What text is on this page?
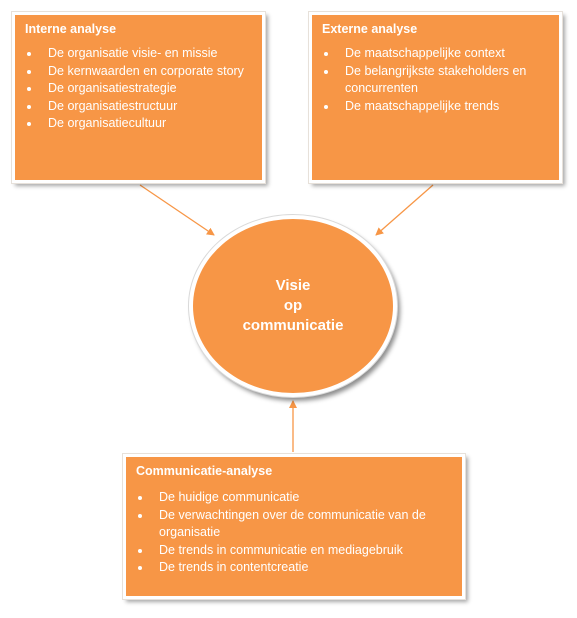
Interne analyse
De organisatie visie- en missie
De kernwaarden en corporate story
De organisatiestrategie
De organisatiestructuur
De organisatiecultuur
Externe analyse
De maatschappelijke context
De belangrijkste stakeholders en concurrenten
De maatschappelijke trends
Visie
op
communicatie
Communicatie-analyse
De huidige communicatie
De verwachtingen over de communicatie van de organisatie
De trends in communicatie en mediagebruik
De trends in contentcreatie
